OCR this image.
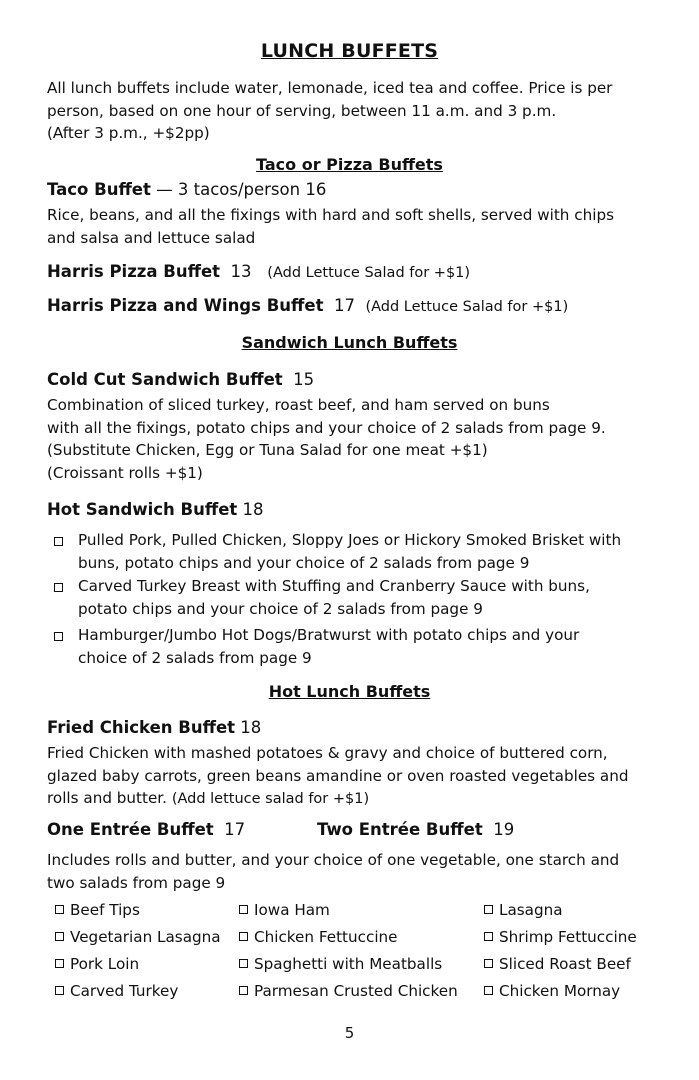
LUNCH BUFFETS
All lunch buffets include water, lemonade, iced tea and coffee. Price is per
person, based on one hour of serving, between 11 a.m. and 3 p.m.
(After 3 p.m., +$2pp)
Taco or Pizza Buffets
Taco Buffet — 3 tacos/person 16
Rice, beans, and all the fixings with hard and soft shells, served with chips
and salsa and lettuce salad
Harris Pizza Buffet 13 (Add Lettuce Salad for +$1)
Harris Pizza and Wings Buffet 17 (Add Lettuce Salad for +$1)
Sandwich Lunch Buffets
Cold Cut Sandwich Buffet 15
Combination of sliced turkey, roast beef, and ham served on buns
with all the fixings, potato chips and your choice of 2 salads from page 9.
(Substitute Chicken, Egg or Tuna Salad for one meat +$1)
(Croissant rolls +$1)
Hot Sandwich Buffet 18
Pulled Pork, Pulled Chicken, Sloppy Joes or Hickory Smoked Brisket with
buns, potato chips and your choice of 2 salads from page 9
Carved Turkey Breast with Stuffing and Cranberry Sauce with buns,
potato chips and your choice of 2 salads from page 9
Hamburger/Jumbo Hot Dogs/Bratwurst with potato chips and your
choice of 2 salads from page 9
Hot Lunch Buffets
Fried Chicken Buffet 18
Fried Chicken with mashed potatoes & gravy and choice of buttered corn,
glazed baby carrots, green beans amandine or oven roasted vegetables and
rolls and butter. (Add lettuce salad for +$1)
One Entrée Buffet 17	Two Entrée Buffet 19
Includes rolls and butter, and your choice of one vegetable, one starch and
two salads from page 9
Beef Tips	Iowa Ham	Lasagna
Vegetarian Lasagna	Chicken Fettuccine	Shrimp Fettuccine
Pork Loin	Spaghetti with Meatballs	Sliced Roast Beef
Carved Turkey	Parmesan Crusted Chicken	Chicken Mornay
5
